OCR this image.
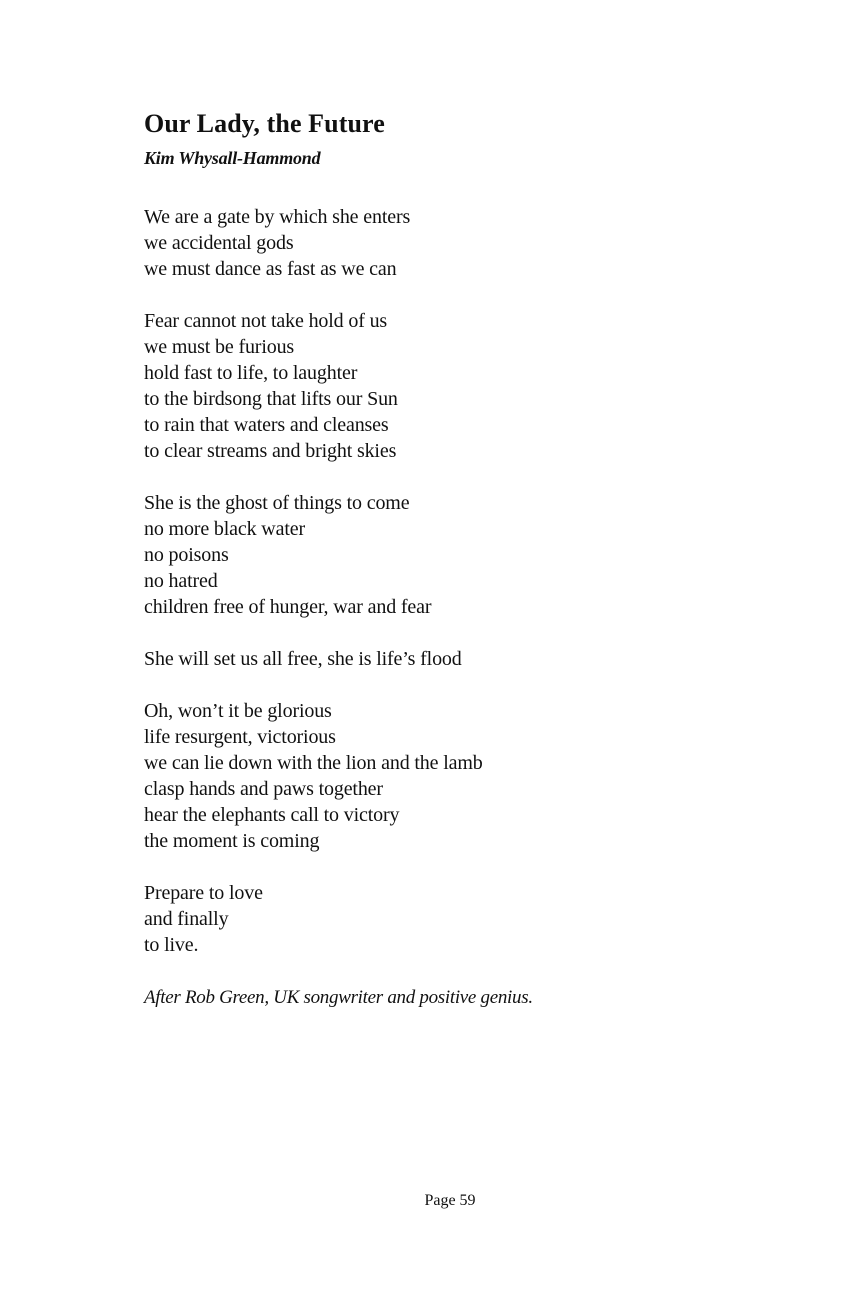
Our Lady, the Future

Kim Whysall-Hammond

We are a gate by which she enters
we accidental gods
we must dance as fast as we can
Fear cannot not take hold of us
we must be furious
hold fast to life, to laughter
to the birdsong that lifts our Sun
to rain that waters and cleanses
to clear streams and bright skies
She is the ghost of things to come
no more black water
no poisons
no hatred
children free of hunger, war and fear
She will set us all free, she is life’s flood
Oh, won’t it be glorious
life resurgent, victorious
we can lie down with the lion and the lamb
clasp hands and paws together
hear the elephants call to victory
the moment is coming
Prepare to love
and finally
to live.

After Rob Green, UK songwriter and positive genius.

Page 59
